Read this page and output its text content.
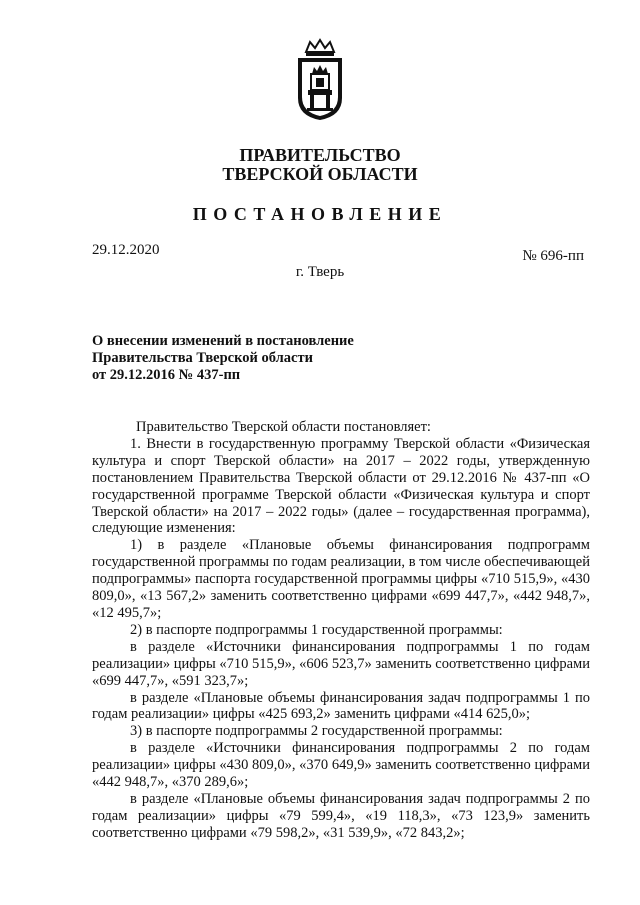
ПРАВИТЕЛЬСТВО
ТВЕРСКОЙ ОБЛАСТИ
ПОСТАНОВЛЕНИЕ
29.12.2020	№ 696-пп
г. Тверь
О внесении изменений в постановление
Правительства Тверской области
от 29.12.2016 № 437-пп

Правительство Тверской области постановляет:

1. Внести в государственную программу Тверской области «Физическая культура и спорт Тверской области» на 2017 – 2022 годы, утвержденную постановлением Правительства Тверской области от 29.12.2016 № 437-пп «О государственной программе Тверской области «Физическая культура и спорт Тверской области» на 2017 – 2022 годы» (далее – государственная программа), следующие изменения:

1) в разделе «Плановые объемы финансирования подпрограмм государственной программы по годам реализации, в том числе обеспечивающей подпрограммы» паспорта государственной программы цифры «710 515,9», «430 809,0», «13 567,2» заменить соответственно цифрами «699 447,7», «442 948,7», «12 495,7»;

2) в паспорте подпрограммы 1 государственной программы:

в разделе «Источники финансирования подпрограммы 1 по годам реализации» цифры «710 515,9», «606 523,7» заменить соответственно цифрами «699 447,7», «591 323,7»;

в разделе «Плановые объемы финансирования задач подпрограммы 1 по годам реализации» цифры «425 693,2» заменить цифрами «414 625,0»;

3) в паспорте подпрограммы 2 государственной программы:

в разделе «Источники финансирования подпрограммы 2 по годам реализации» цифры «430 809,0», «370 649,9» заменить соответственно цифрами «442 948,7», «370 289,6»;

в разделе «Плановые объемы финансирования задач подпрограммы 2 по годам реализации» цифры «79 599,4», «19 118,3», «73 123,9» заменить соответственно цифрами «79 598,2», «31 539,9», «72 843,2»;
